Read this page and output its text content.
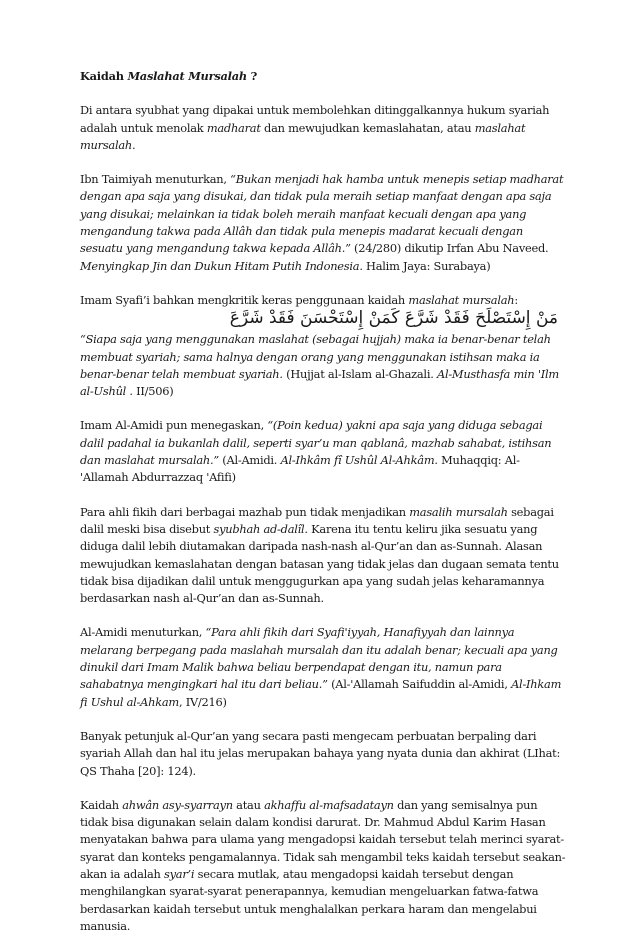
Kaidah Maslahat Mursalah ?

Di antara syubhat yang dipakai untuk membolehkan ditinggalkannya hukum syariah adalah untuk menolak madharat dan mewujudkan kemaslahatan, atau maslahat mursalah.

Ibn Taimiyah menuturkan, “Bukan menjadi hak hamba untuk menepis setiap madharat dengan apa saja yang disukai, dan tidak pula meraih setiap manfaat dengan apa saja yang disukai; melainkan ia tidak boleh meraih manfaat kecuali dengan apa yang mengandung takwa pada Allâh dan tidak pula menepis madarat kecuali dengan sesuatu yang mengandung takwa kepada Allâh.” (24/280) dikutip Irfan Abu Naveed. Menyingkap Jin dan Dukun Hitam Putih Indonesia. Halim Jaya: Surabaya)

Imam Syafi’i bahkan mengkritik keras penggunaan kaidah maslahat mursalah:

مَنْ إِسْتَصْلَحَ فَقَدْ شَرَّعَ كَمَنْ إِسْتَحْسَنَ فَقَدْ شَرَّعَ

“Siapa saja yang menggunakan maslahat (sebagai hujjah) maka ia benar-benar telah membuat syariah; sama halnya dengan orang yang menggunakan istihsan maka ia benar-benar telah membuat syariah. (Hujjat al-Islam al-Ghazali. Al-Musthasfa min 'Ilm al-Ushûl . II/506)

Imam Al-Amidi pun menegaskan, “(Poin kedua) yakni apa saja yang diduga sebagai dalil padahal ia bukanlah dalil, seperti syar’u man qablanâ, mazhab sahabat, istihsan dan maslahat mursalah.” (Al-Amidi. Al-Ihkâm fî Ushûl Al-Ahkâm. Muhaqqiq: Al-'Allamah Abdurrazzaq 'Afifi)

Para ahli fikih dari berbagai mazhab pun tidak menjadikan masalih mursalah sebagai dalil meski bisa disebut syubhah ad-dalîl. Karena itu tentu keliru jika sesuatu yang diduga dalil lebih diutamakan daripada nash-nash al-Qur’an dan as-Sunnah. Alasan mewujudkan kemaslahatan dengan batasan yang tidak jelas dan dugaan semata tentu tidak bisa dijadikan dalil untuk menggugurkan apa yang sudah jelas keharamannya berdasarkan nash al-Qur’an dan as-Sunnah.

Al-Amidi menuturkan, “Para ahli fikih dari Syafi'iyyah, Hanafiyyah dan lainnya melarang berpegang pada maslahah mursalah dan itu adalah benar; kecuali apa yang dinukil dari Imam Malik bahwa beliau berpendapat dengan itu, namun para sahabatnya mengingkari hal itu dari beliau.” (Al-'Allamah Saifuddin al-Amidi, Al-Ihkam fi Ushul al-Ahkam, IV/216)

Banyak petunjuk al-Qur’an yang secara pasti mengecam perbuatan berpaling dari syariah Allah dan hal itu jelas merupakan bahaya yang nyata dunia dan akhirat (LIhat: QS Thaha [20]: 124).

Kaidah ahwân asy-syarrayn atau akhaffu al-mafsadatayn dan yang semisalnya pun tidak bisa digunakan selain dalam kondisi darurat. Dr. Mahmud Abdul Karim Hasan menyatakan bahwa para ulama yang mengadopsi kaidah tersebut telah merinci syarat-syarat dan konteks pengamalannya. Tidak sah mengambil teks kaidah tersebut seakan-akan ia adalah syar’i secara mutlak, atau mengadopsi kaidah tersebut dengan menghilangkan syarat-syarat penerapannya, kemudian mengeluarkan fatwa-fatwa berdasarkan kaidah tersebut untuk menghalalkan perkara haram dan mengelabui manusia.
